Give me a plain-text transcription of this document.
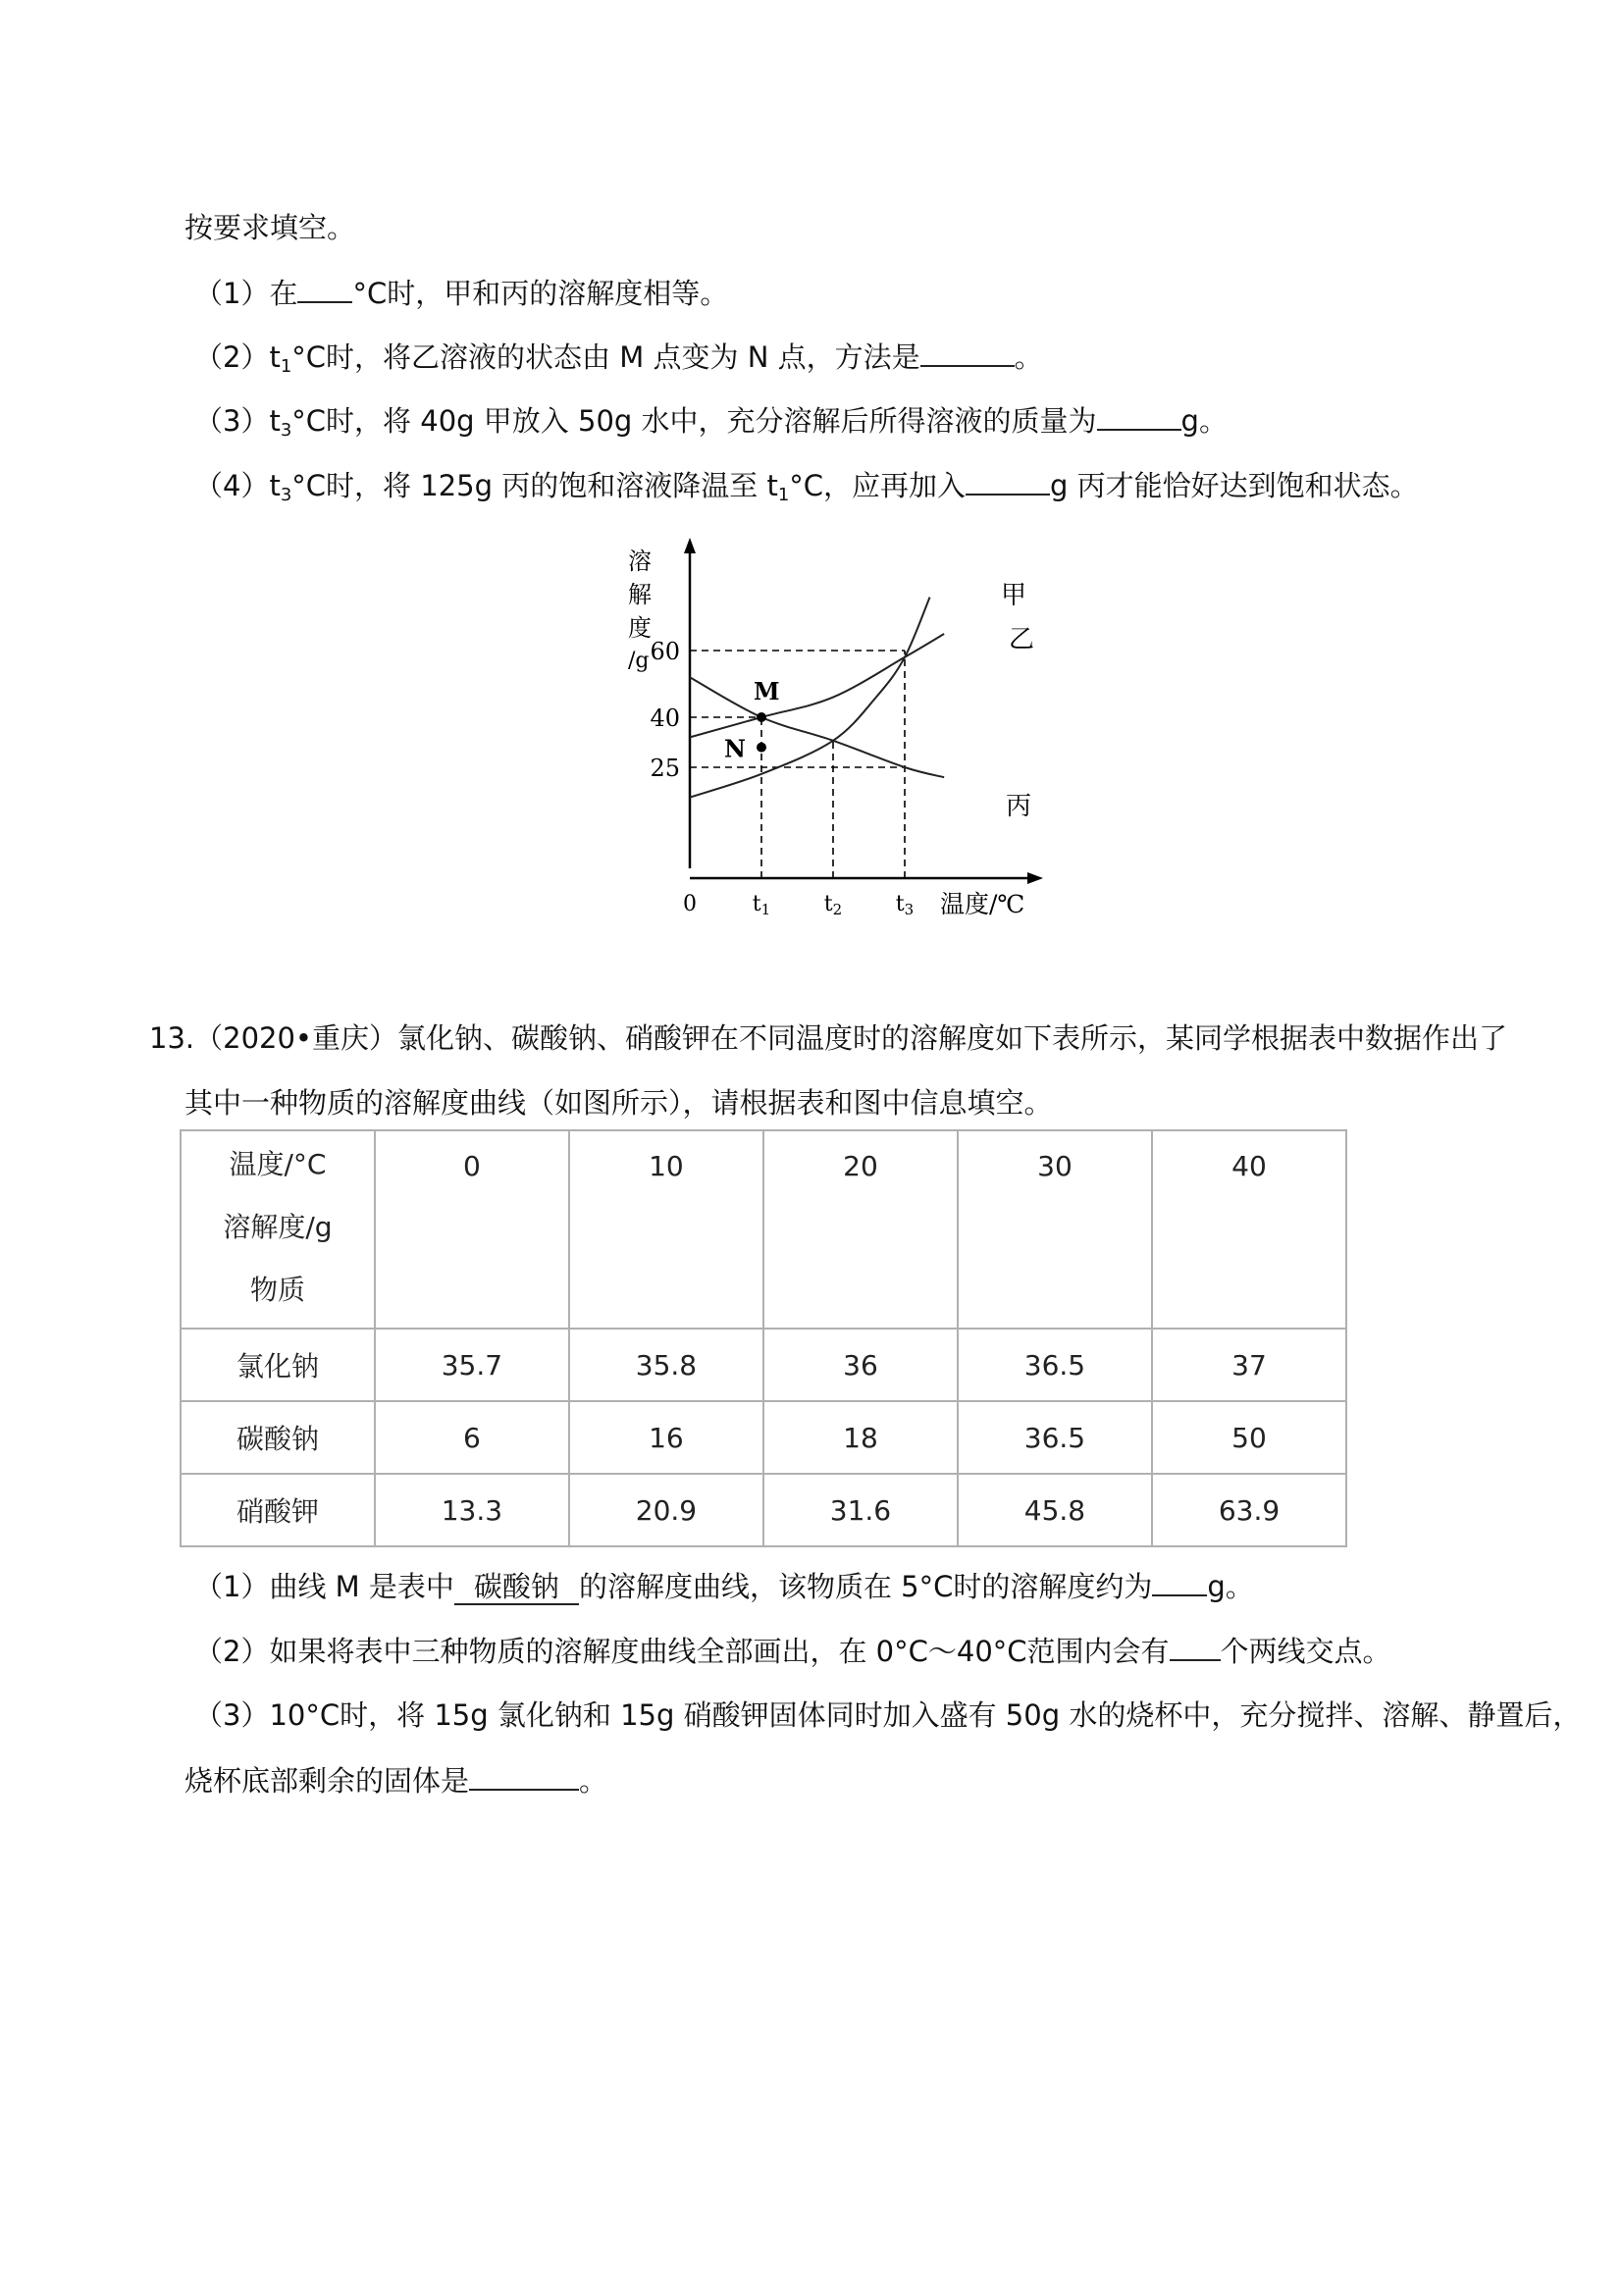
按要求填空。
（1）在 °C时，甲和丙的溶解度相等。
$(2)t_1^\circ C$时，将乙溶液的状态由 M 点变为 N 点，方法是	。
$(3)t_3^\circ C$时，将 40g 甲放入 50g 水中，充分溶解后所得溶液的质量为	g。
$(4)t_3^\circ C$时，将 125g 丙的饱和溶液降温至 $t_1^\circ C$，应再加入	g 丙才能恰好达到饱和状态。
甲
乙
丙
60
40
25
0	t1 t2 t3
溶
解
度
/g
温度/℃
M
N
13.（2020•重庆）氯化钠、碳酸钠、硝酸钾在不同温度时的溶解度如下表所示，某同学根据表中数据作出了
其中一种物质的溶解度曲线（如图所示），请根据表和图中信息填空。
温度/°C
溶解度/g
物质	0	10	20	30	40

氯化钠	35.7	35.8	36	36.5	37
碳酸钠	6	16	18	36.5	50
硝酸钾	13.3	20.9	31.6	45.8	63.9
（1）曲线 M 是表中 碳酸钠 的溶解度曲线，该物质在 5°C时的溶解度约为 g。
（2）如果将表中三种物质的溶解度曲线全部画出，在 0°C～40°C范围内会有 个两线交点。
（3）10°C时，将 15g 氯化钠和 15g 硝酸钾固体同时加入盛有 50g 水的烧杯中，充分搅拌、溶解、静置后，
烧杯底部剩余的固体是	。
